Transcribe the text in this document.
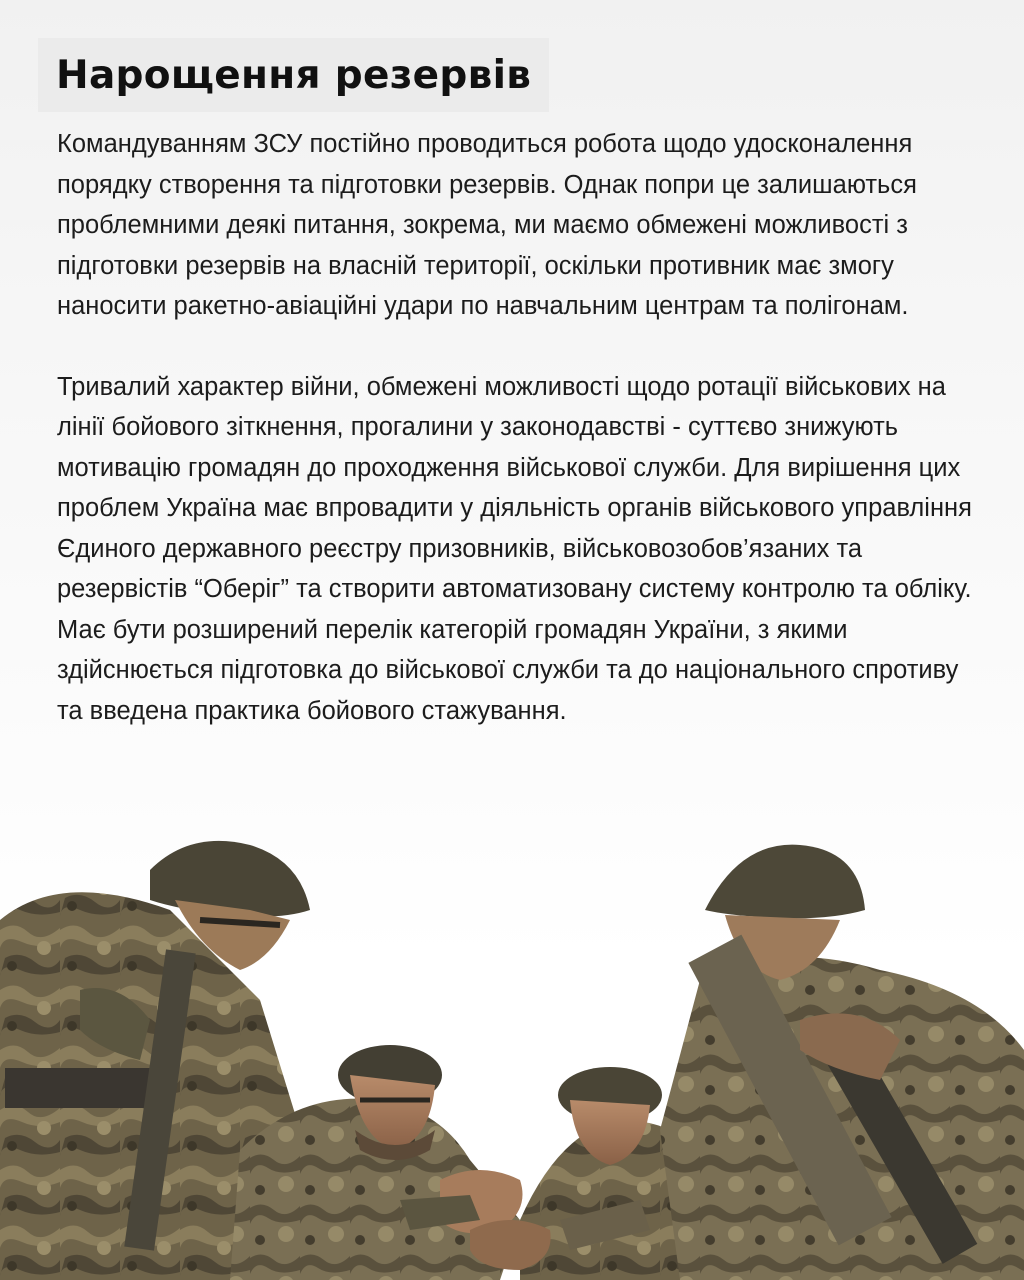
Нарощення резервів

Командуванням ЗСУ постійно проводиться робота щодо удосконалення порядку створення та підготовки резервів. Однак попри це залишаються проблемними деякі питання, зокрема, ми маємо обмежені можливості з підготовки резервів на власній території, оскільки противник має змогу наносити ракетно-авіаційні удари по навчальним центрам та полігонам.

Тривалий характер війни, обмежені можливості щодо ротації військових на лінії бойового зіткнення, прогалини у законодавстві - суттєво знижують мотивацію громадян до проходження військової служби. Для вирішення цих проблем Україна має впровадити у діяльність органів військового управління Єдиного державного реєстру призовників, військовозобов’язаних та резервістів “Оберіг” та створити автоматизовану систему контролю та обліку. Має бути розширений перелік категорій громадян України, з якими здійснюється підготовка до військової служби та до національного спротиву та введена практика бойового стажування.
